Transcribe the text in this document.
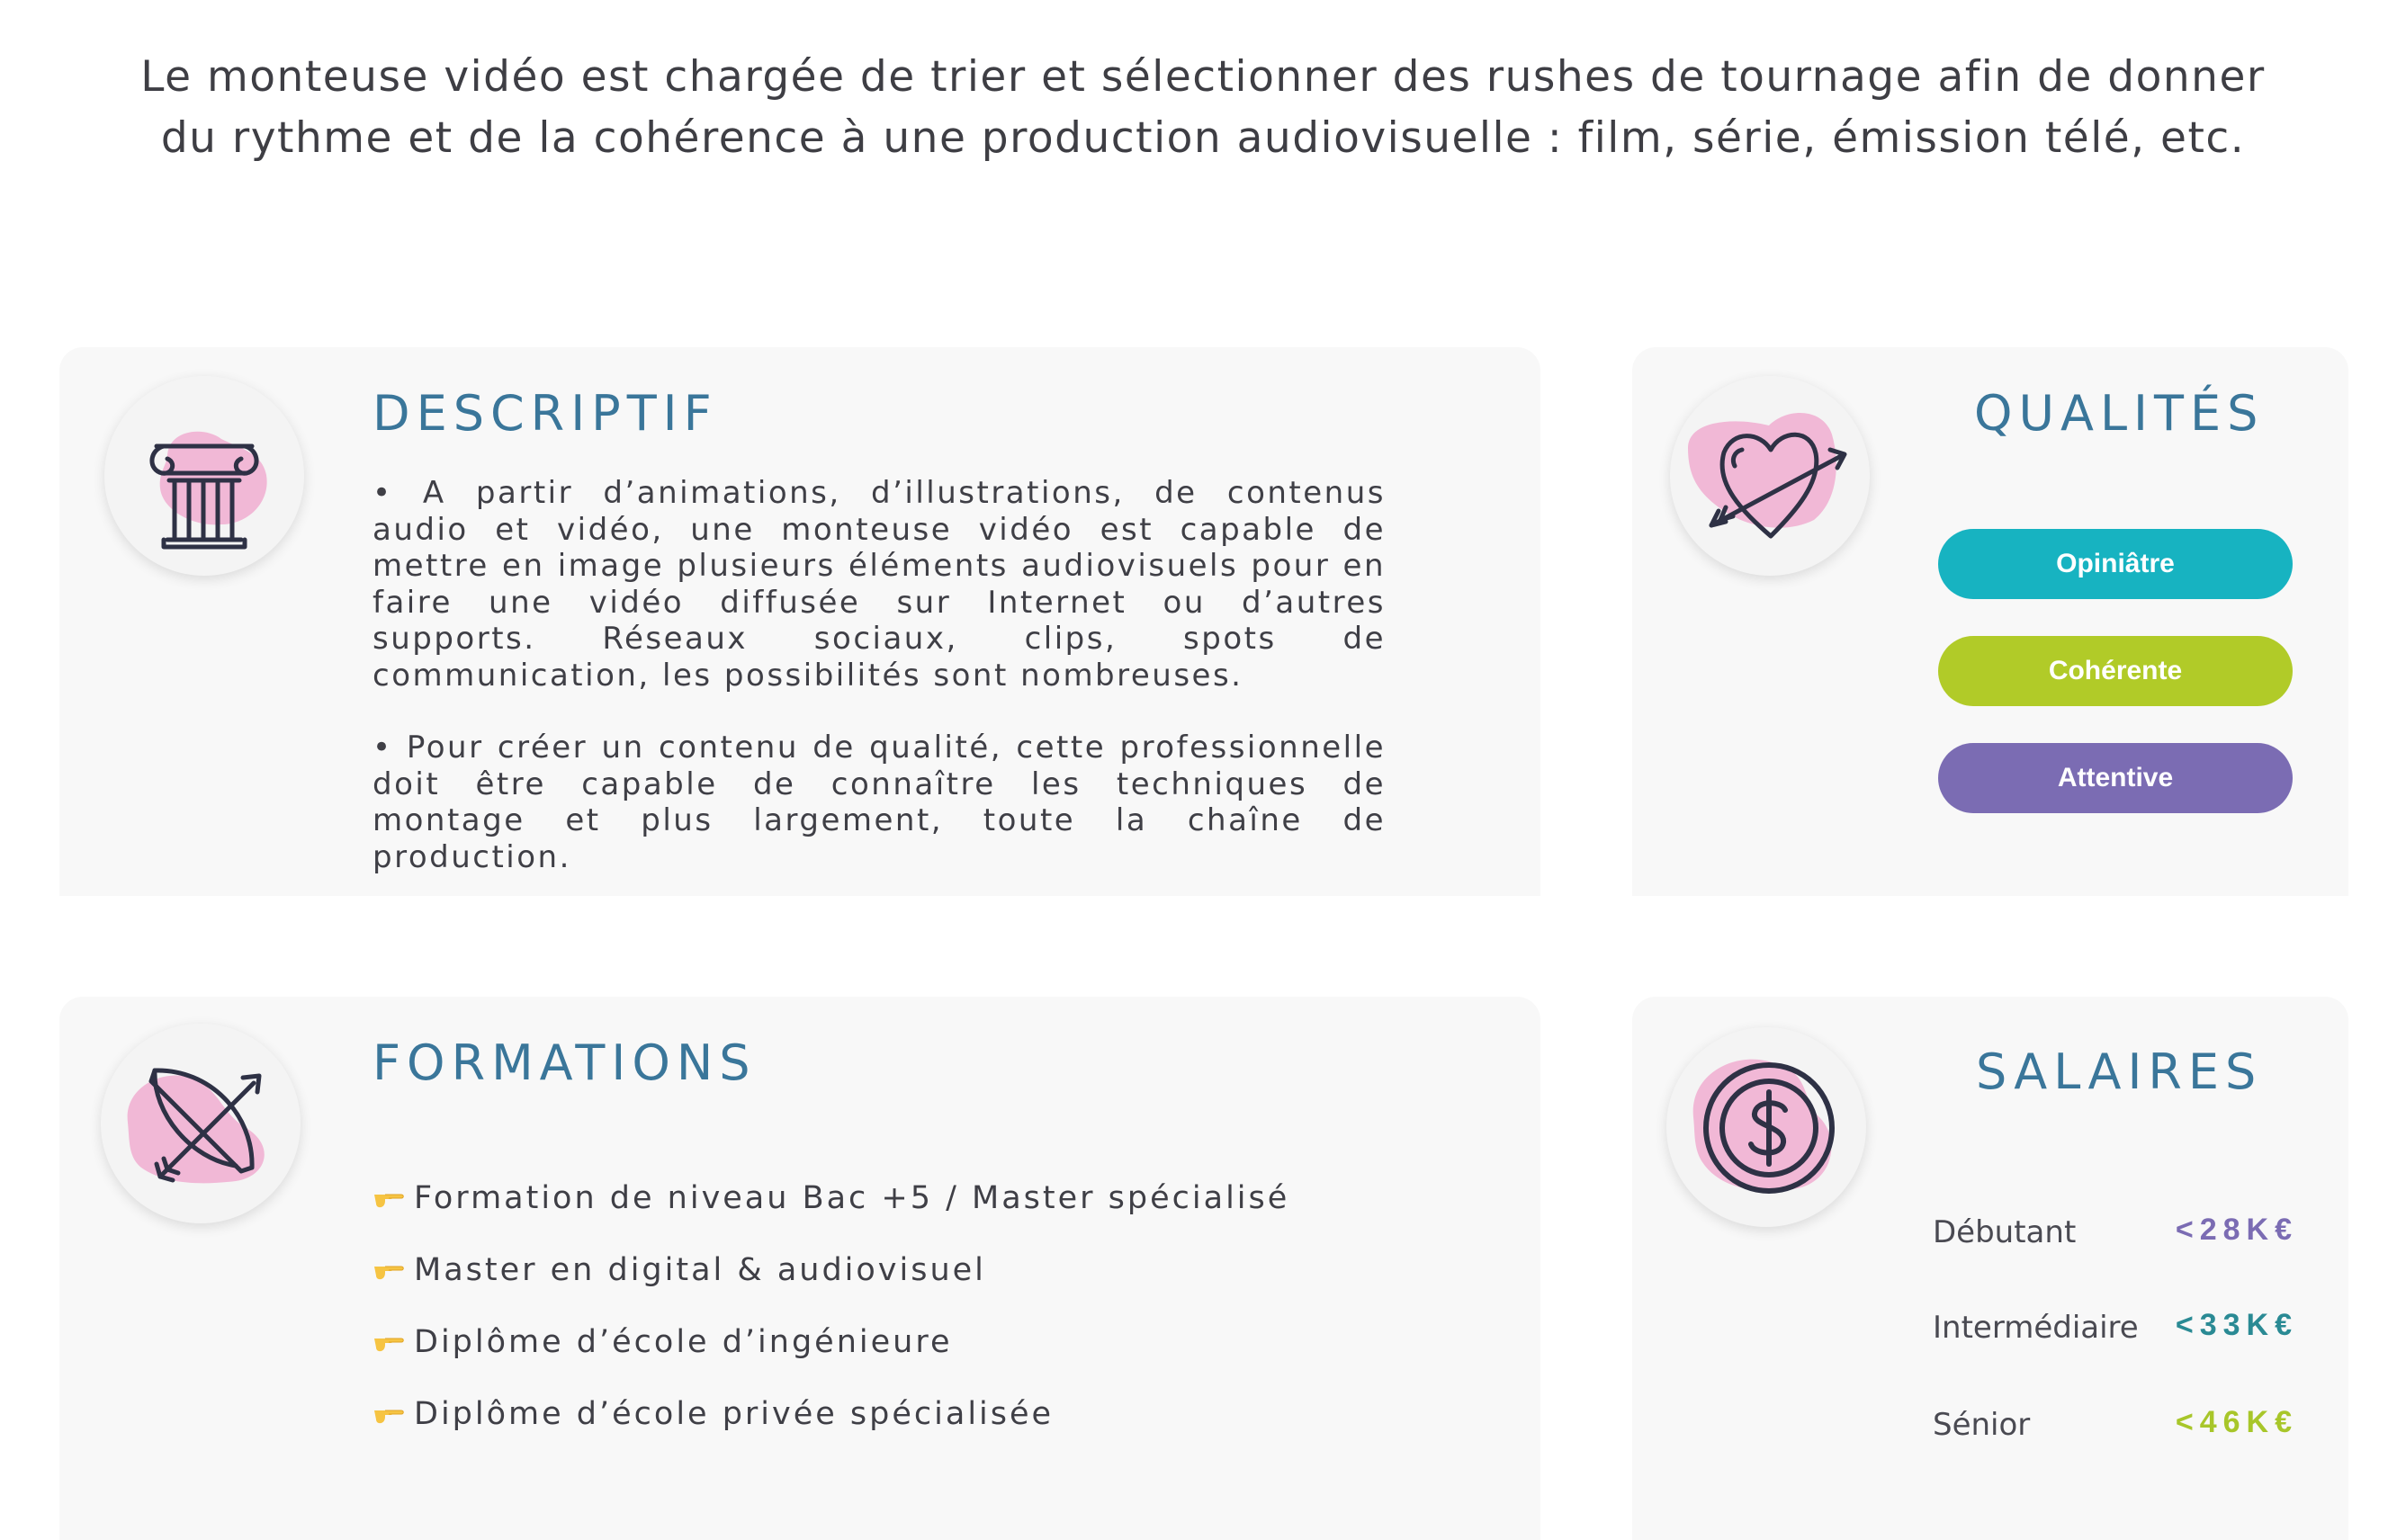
Le monteuse vidéo est chargée de trier et sélectionner des rushes de tournage afin de donner
du rythme et de la cohérence à une production audiovisuelle : film, série, émission télé, etc.
DESCRIPTIF

• A partir d’animations, d’illustrations, de contenus audio et vidéo, une monteuse vidéo est capable de mettre en image plusieurs éléments audiovisuels pour en faire une vidéo diffusée sur Internet ou d’autres supports. Réseaux sociaux, clips, spots de communication, les possibilités sont nombreuses.

• Pour créer un contenu de qualité, cette professionnelle doit être capable de connaître les techniques de montage et plus largement, toute la chaîne de production.

QUALITÉS
Opiniâtre
Cohérente
Attentive
FORMATIONS
Formation de niveau Bac +5 / Master spécialisé
Master en digital & audiovisuel
Diplôme d’école d’ingénieure
Diplôme d’école privée spécialisée
SALAIRES
Débutant	<28K€
Intermédiaire <33K€
Sénior	<46K€
